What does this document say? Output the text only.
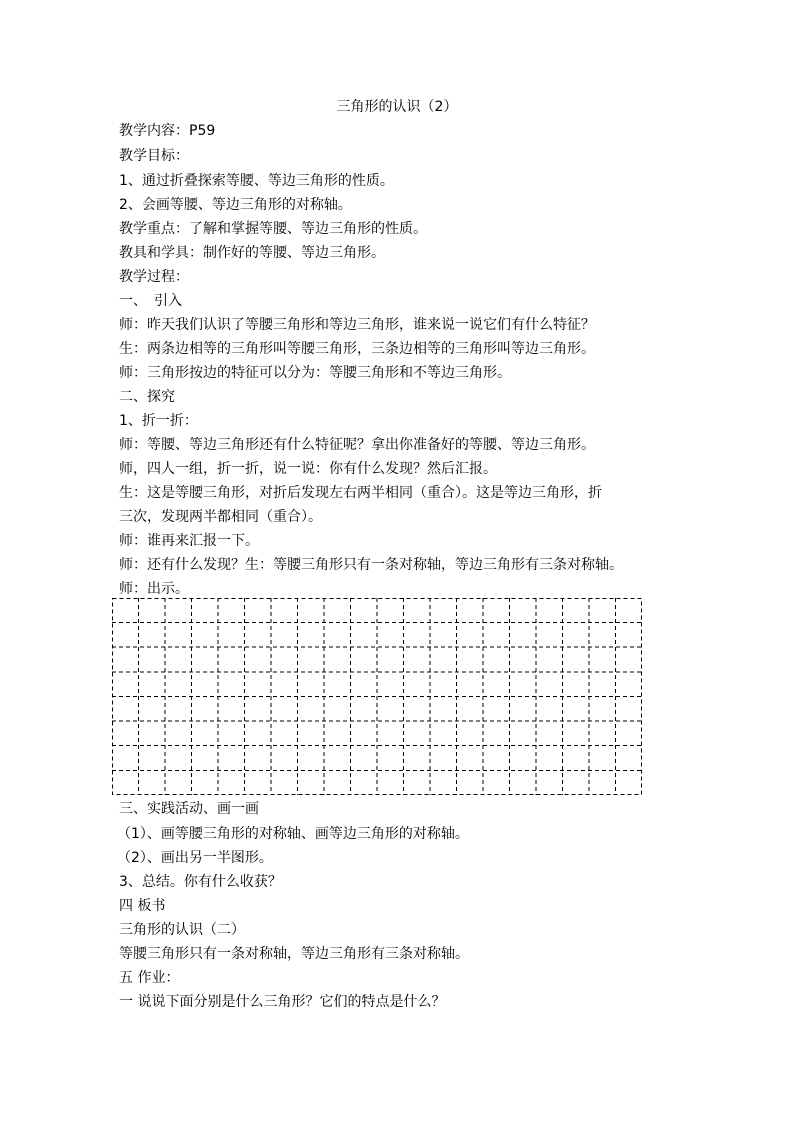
三角形的认识（2）
教学内容：P59
教学目标：
1、通过折叠探索等腰、等边三角形的性质。
2、会画等腰、等边三角形的对称轴。
教学重点：了解和掌握等腰、等边三角形的性质。
教具和学具：制作好的等腰、等边三角形。
教学过程：
一、　引入
师：昨天我们认识了等腰三角形和等边三角形，谁来说一说它们有什么特征？
生：两条边相等的三角形叫等腰三角形，三条边相等的三角形叫等边三角形。
师：三角形按边的特征可以分为：等腰三角形和不等边三角形。
二、探究
1、折一折：
师：等腰、等边三角形还有什么特征呢？拿出你准备好的等腰、等边三角形。
师，四人一组，折一折，说一说：你有什么发现？然后汇报。
生：这是等腰三角形，对折后发现左右两半相同（重合）。这是等边三角形，折
三次，发现两半都相同（重合）。
师：谁再来汇报一下。
师：还有什么发现？生：等腰三角形只有一条对称轴，等边三角形有三条对称轴。
师：出示。
三、实践活动、画一画
（1）、画等腰三角形的对称轴、画等边三角形的对称轴。
（2）、画出另一半图形。
3、总结。你有什么收获？
四 板书
三角形的认识（二）
等腰三角形只有一条对称轴，等边三角形有三条对称轴。
五 作业：
一 说说下面分别是什么三角形？它们的特点是什么？
